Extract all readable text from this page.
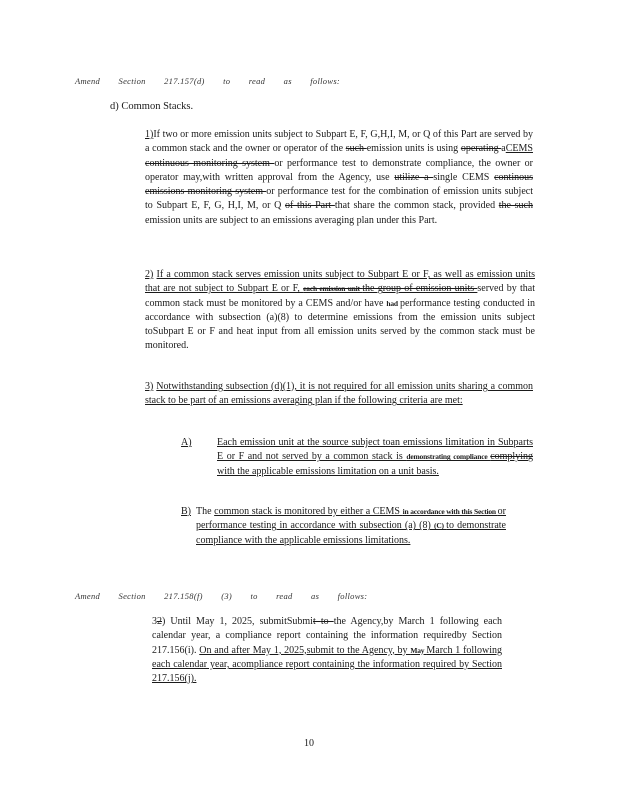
Amend Section 217.157(d) to read as follows:
d) Common Stacks.
1)If two or more emission units subject to Subpart E, F, G,H,I, M, or Q of this Part are served by a common stack and the owner or operator of the such emission units is using operating aCEMS continuous monitoring system or performance test to demonstrate compliance, the owner or operator may,with written approval from the Agency, use utilize a single CEMS continous emissions monitoring system or performance test for the combination of emission units subject to Subpart E, F, G, H,I, M, or Q of this Part that share the common stack, provided the such emission units are subject to an emissions averaging plan under this Part.
2) If a common stack serves emission units subject to Subpart E or F, as well as emission units that are not subject to Subpart E or F, each emission unit the group of emission units served by that common stack must be monitored by a CEMS and/or have had performance testing conducted in accordance with subsection (a)(8) to determine emissions from the emission units subject toSubpart E or F and heat input from all emission units served by the common stack must be monitored.
3) Notwithstanding subsection (d)(1), it is not required for all emission units sharing a common stack to be part of an emissions averaging plan if the following criteria are met:
A)	Each emission unit at the source subject toan emissions limitation in Subparts E or F and not served by a common stack is demonstrating compliance complying with the applicable emissions limitation on a unit basis.
B) The common stack is monitored by either a CEMS in accordance with this Section or performance testing in accordance with subsection (a) (8) (C) to demonstrate compliance with the applicable emissions limitations.
Amend Section 217.158(f) (3) to read as follows:
32) Until May 1, 2025, submitSubmit to the Agency,by March 1 following each calendar year, a compliance report containing the information requiredby Section 217.156(i). On and after May 1, 2025,submit to the Agency, by May March 1 following each calendar year, acompliance report containing the information required by Section 217.156(j).
10
